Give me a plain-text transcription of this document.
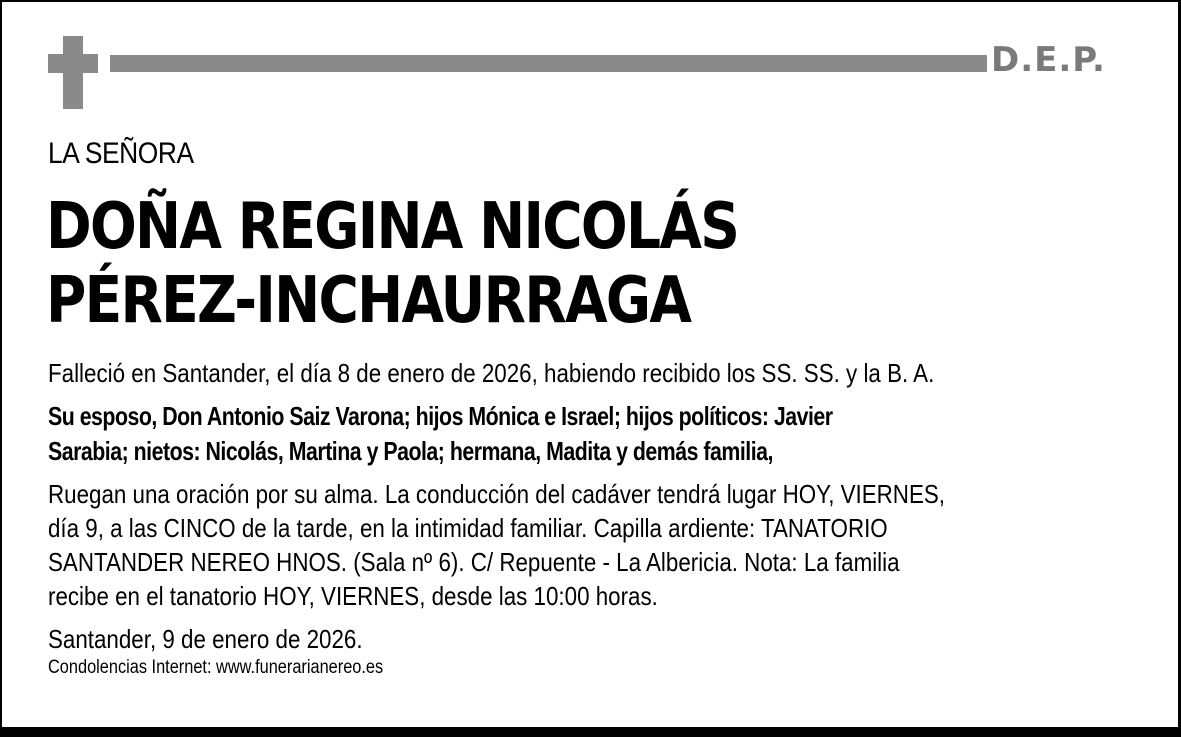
D.E.P.
LA SEÑORA
DOÑA REGINA NICOLÁS
PÉREZ-INCHAURRAGA
Falleció en Santander, el día 8 de enero de 2026, habiendo recibido los SS. SS. y la B. A.
Su esposo, Don Antonio Saiz Varona; hijos Mónica e Israel; hijos políticos: Javier
Sarabia; nietos: Nicolás, Martina y Paola; hermana, Madita y demás familia,
Ruegan una oración por su alma. La conducción del cadáver tendrá lugar HOY, VIERNES,
día 9, a las CINCO de la tarde, en la intimidad familiar. Capilla ardiente: TANATORIO
SANTANDER NEREO HNOS. (Sala nº 6). C/ Repuente - La Albericia. Nota: La familia
recibe en el tanatorio HOY, VIERNES, desde las 10:00 horas.
Santander, 9 de enero de 2026.
Condolencias Internet: www.funerarianereo.es
